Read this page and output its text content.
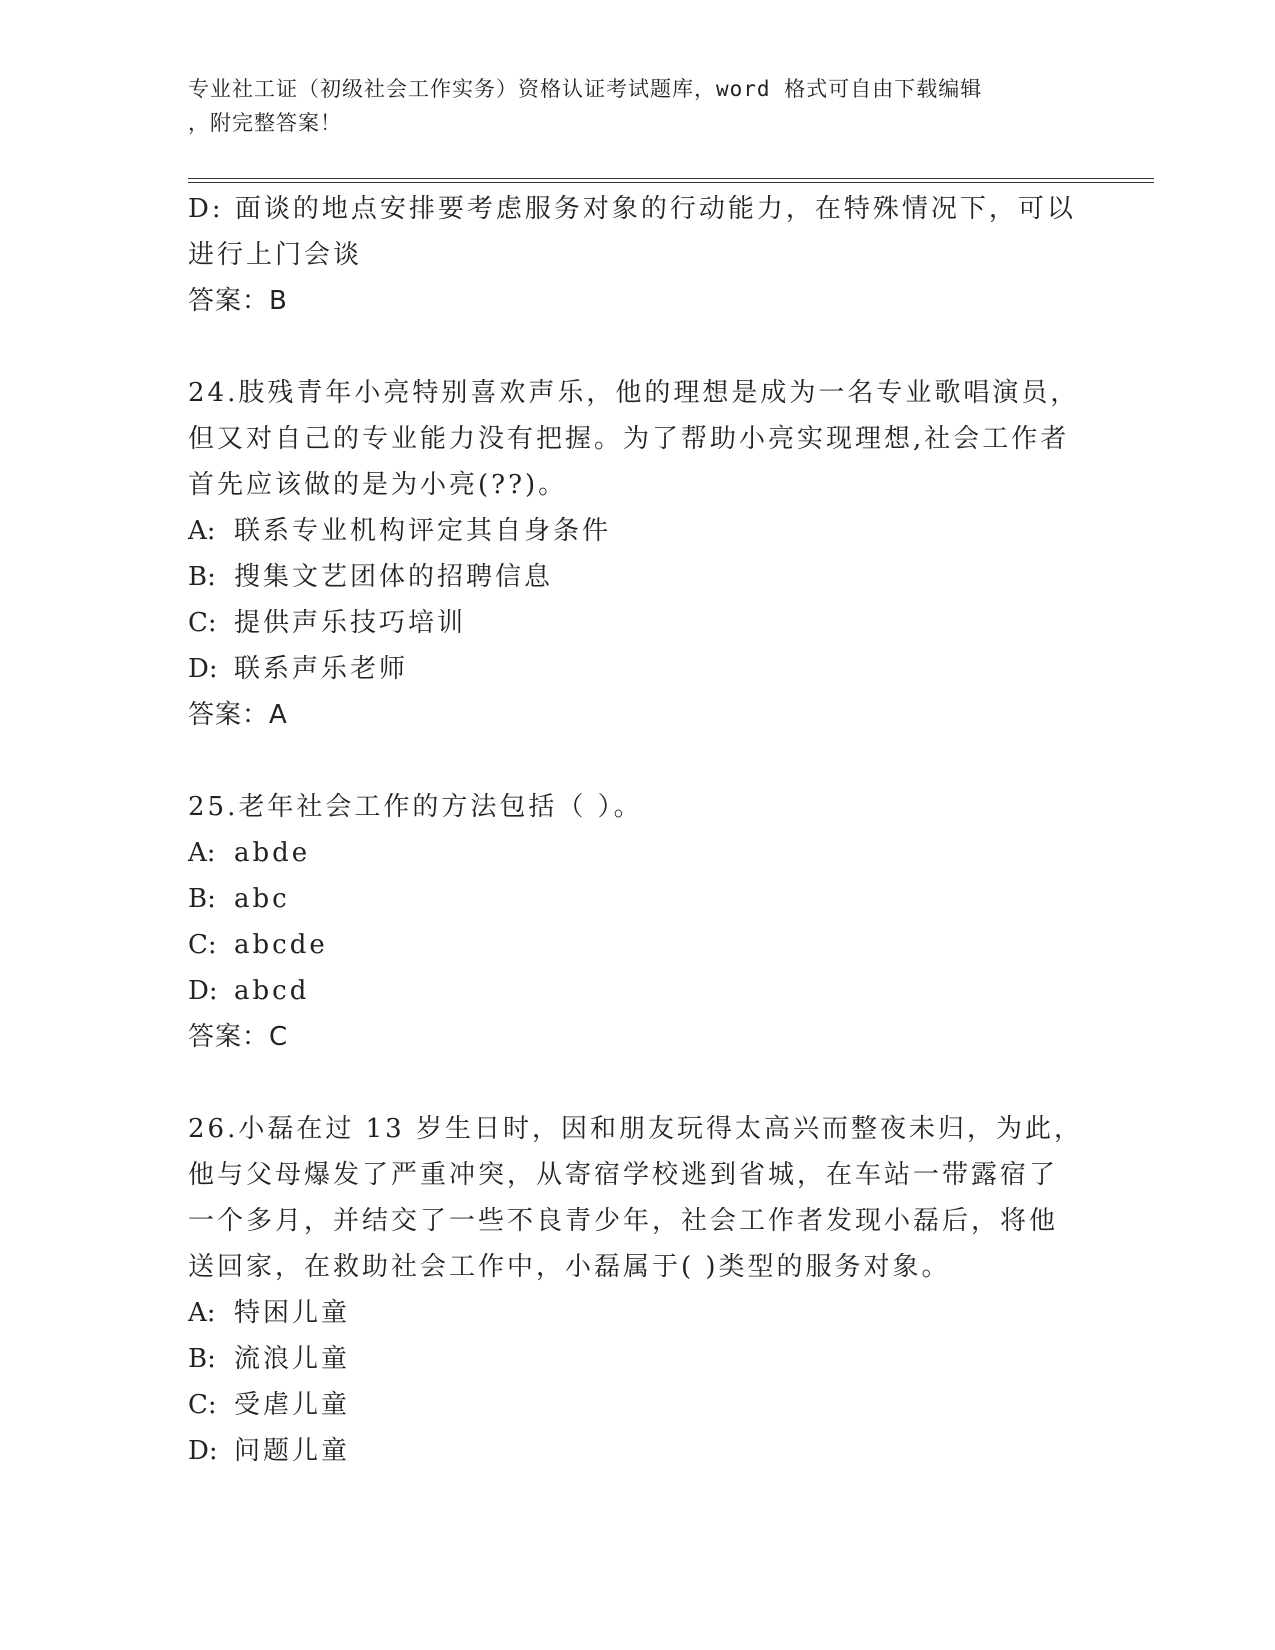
专业社工证（初级社会工作实务）资格认证考试题库，word 格式可自由下载编辑
，附完整答案！
D: 面谈的地点安排要考虑服务对象的行动能力，在特殊情况下，可以
进行上门会谈
答案：B
24.肢残青年小亮特别喜欢声乐，他的理想是成为一名专业歌唱演员，
但又对自己的专业能力没有把握。为了帮助小亮实现理想,社会工作者
首先应该做的是为小亮(??)。
A: 联系专业机构评定其自身条件
B: 搜集文艺团体的招聘信息
C: 提供声乐技巧培训
D: 联系声乐老师
答案：A
25.老年社会工作的方法包括（ ）。
A: abde
B: abc
C: abcde
D: abcd
答案：C
26.小磊在过 13 岁生日时，因和朋友玩得太高兴而整夜未归，为此，
他与父母爆发了严重冲突，从寄宿学校逃到省城，在车站一带露宿了
一个多月，并结交了一些不良青少年，社会工作者发现小磊后，将他
送回家，在救助社会工作中，小磊属于( )类型的服务对象。
A: 特困儿童
B: 流浪儿童
C: 受虐儿童
D: 问题儿童
